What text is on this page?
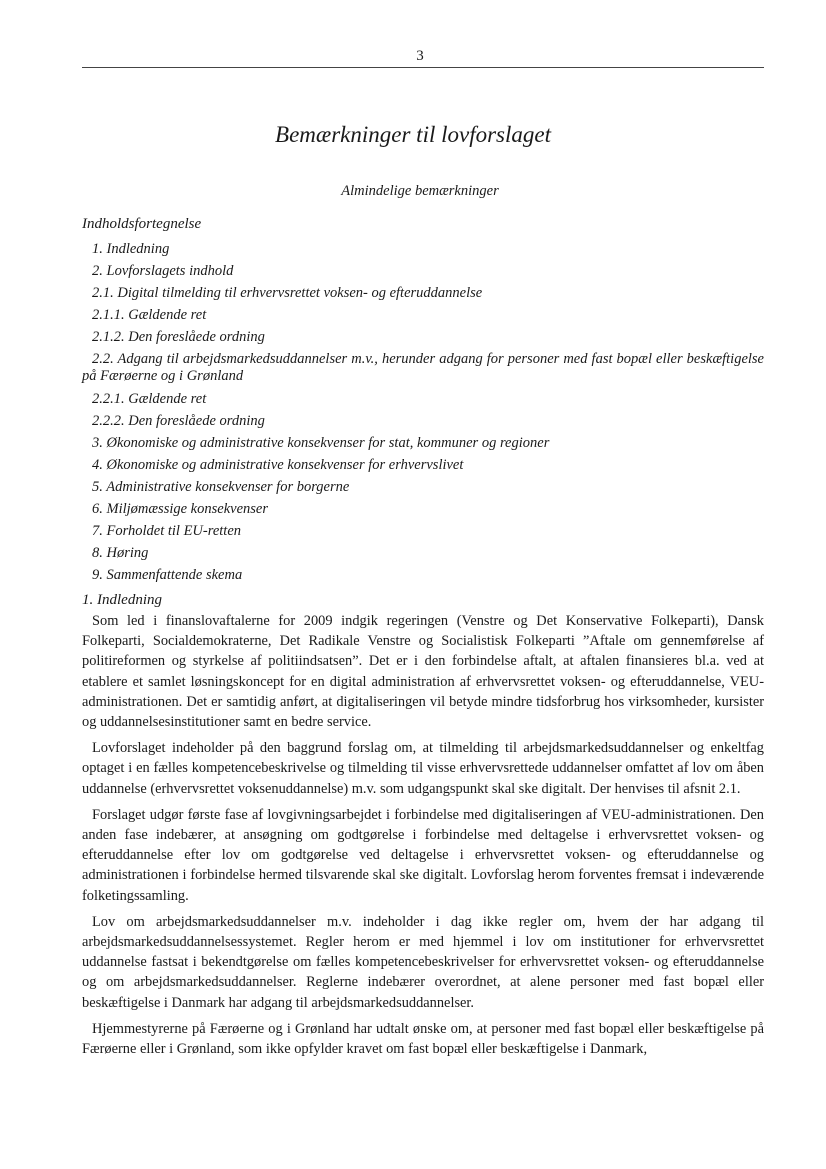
3
Bemærkninger til lovforslaget
Almindelige bemærkninger
Indholdsfortegnelse
1. Indledning
2. Lovforslagets indhold
2.1. Digital tilmelding til erhvervsrettet voksen- og efteruddannelse
2.1.1. Gældende ret
2.1.2. Den foreslåede ordning
2.2. Adgang til arbejdsmarkedsuddannelser m.v., herunder adgang for personer med fast bopæl eller beskæftigelse på Færøerne og i Grønland
2.2.1. Gældende ret
2.2.2. Den foreslåede ordning
3. Økonomiske og administrative konsekvenser for stat, kommuner og regioner
4. Økonomiske og administrative konsekvenser for erhvervslivet
5. Administrative konsekvenser for borgerne
6. Miljømæssige konsekvenser
7. Forholdet til EU-retten
8. Høring
9. Sammenfattende skema
1. Indledning

Som led i finanslovaftalerne for 2009 indgik regeringen (Venstre og Det Konservative Folkeparti), Dansk Folkeparti, Socialdemokraterne, Det Radikale Venstre og Socialistisk Folkeparti ”Aftale om gennemførelse af politireformen og styrkelse af politiindsatsen”. Det er i den forbindelse aftalt, at aftalen finansieres bl.a. ved at etablere et samlet løsningskoncept for en digital administration af erhvervsrettet voksen- og efteruddannelse, VEU-administrationen. Det er samtidig anført, at digitaliseringen vil betyde mindre tidsforbrug hos virksomheder, kursister og uddannelsesinstitutioner samt en bedre service.

Lovforslaget indeholder på den baggrund forslag om, at tilmelding til arbejdsmarkedsuddannelser og enkeltfag optaget i en fælles kompetencebeskrivelse og tilmelding til visse erhvervsrettede uddannelser omfattet af lov om åben uddannelse (erhvervsrettet voksenuddannelse) m.v. som udgangspunkt skal ske digitalt. Der henvises til afsnit 2.1.

Forslaget udgør første fase af lovgivningsarbejdet i forbindelse med digitaliseringen af VEU-administrationen. Den anden fase indebærer, at ansøgning om godtgørelse i forbindelse med deltagelse i erhvervsrettet voksen- og efteruddannelse efter lov om godtgørelse ved deltagelse i erhvervsrettet voksen- og efteruddannelse og administrationen i forbindelse hermed tilsvarende skal ske digitalt. Lovforslag herom forventes fremsat i indeværende folketingssamling.

Lov om arbejdsmarkedsuddannelser m.v. indeholder i dag ikke regler om, hvem der har adgang til arbejdsmarkedsuddannelsessystemet. Regler herom er med hjemmel i lov om institutioner for erhvervsrettet uddannelse fastsat i bekendtgørelse om fælles kompetencebeskrivelser for erhvervsrettet voksen- og efteruddannelse og om arbejdsmarkedsuddannelser. Reglerne indebærer overordnet, at alene personer med fast bopæl eller beskæftigelse i Danmark har adgang til arbejdsmarkedsuddannelser.

Hjemmestyrerne på Færøerne og i Grønland har udtalt ønske om, at personer med fast bopæl eller beskæftigelse på Færøerne eller i Grønland, som ikke opfylder kravet om fast bopæl eller beskæftigelse i Danmark,
